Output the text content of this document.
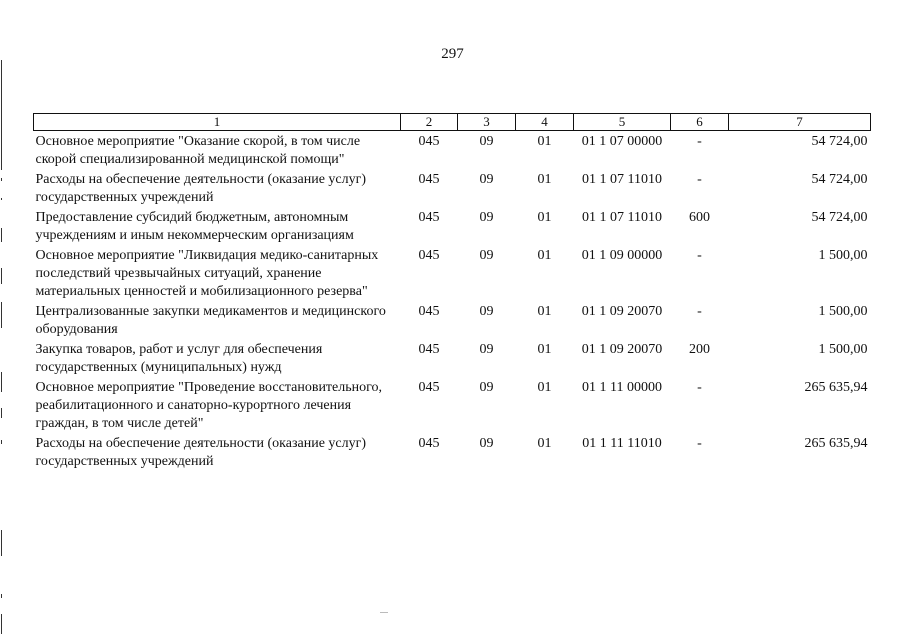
297
1	2	3	4	5	6	7
Основное мероприятие "Оказание скорой, в том числе скорой специализированной медицинской помощи"	045	09	01	01 1 07 00000	-	54 724,00
Расходы на обеспечение деятельности (оказание услуг) государственных учреждений	045	09	01	01 1 07 11010	-	54 724,00
Предоставление субсидий бюджетным, автономным учреждениям и иным некоммерческим организациям	045	09	01	01 1 07 11010	600	54 724,00
Основное мероприятие "Ликвидация медико-санитарных последствий чрезвычайных ситуаций, хранение материальных ценностей и мобилизационного резерва"	045	09	01	01 1 09 00000	-	1 500,00
Централизованные закупки медикаментов и медицинского оборудования	045	09	01	01 1 09 20070	-	1 500,00
Закупка товаров, работ и услуг для обеспечения государственных (муниципальных) нужд	045	09	01	01 1 09 20070	200	1 500,00
Основное мероприятие "Проведение восстановительного, реабилитационного и санаторно-курортного лечения граждан, в том числе детей"	045	09	01	01 1 11 00000	-	265 635,94
Расходы на обеспечение деятельности (оказание услуг) государственных учреждений	045	09	01	01 1 11 11010	-	265 635,94
